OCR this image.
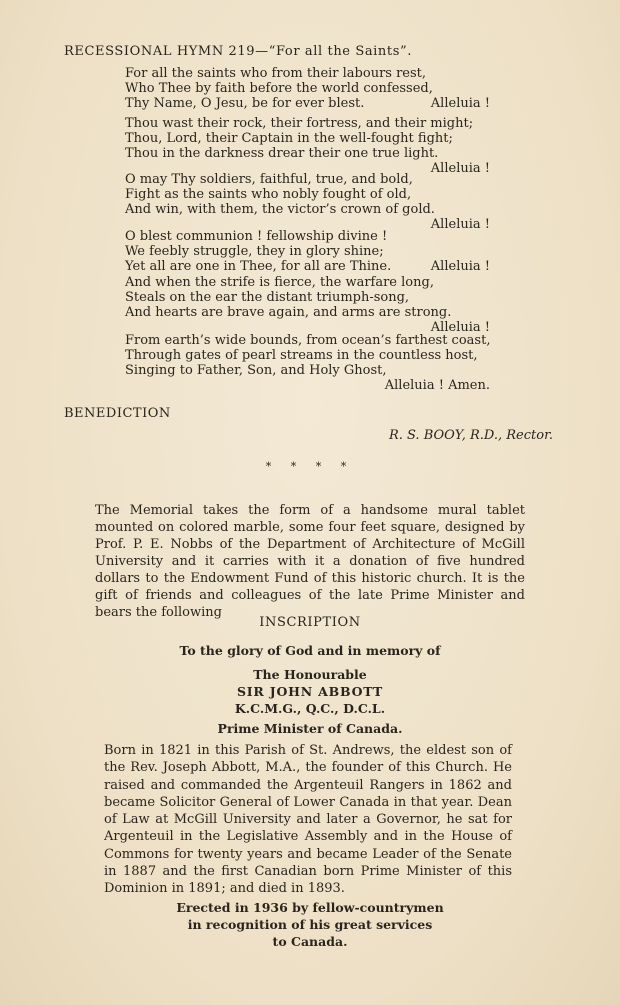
RECESSIONAL HYMN 219—“For all the Saints”.
For all the saints who from their labours rest,
Who Thee by faith before the world confessed,
Thy Name, O Jesu, be for ever blest.	Alleluia !
Thou wast their rock, their fortress, and their might;
Thou, Lord, their Captain in the well-fought fight;
Thou in the darkness drear their one true light.
Alleluia !
O may Thy soldiers, faithful, true, and bold,
Fight as the saints who nobly fought of old,
And win, with them, the victor’s crown of gold.
Alleluia !
O blest communion ! fellowship divine !
We feebly struggle, they in glory shine;
Yet all are one in Thee, for all are Thine.	Alleluia !
And when the strife is fierce, the warfare long,
Steals on the ear the distant triumph-song,
And hearts are brave again, and arms are strong.
Alleluia !
From earth’s wide bounds, from ocean’s farthest coast,
Through gates of pearl streams in the countless host,
Singing to Father, Son, and Holy Ghost,
Alleluia ! Amen.
BENEDICTION
R. S. BOOY, R.D., Rector.
* * * *

The Memorial takes the form of a handsome mural tablet mounted on colored marble, some four feet square, designed by Prof. P. E. Nobbs of the Department of Architecture of McGill University and it carries with it a donation of five hundred dollars to the Endowment Fund of this historic church. It is the gift of friends and colleagues of the late Prime Minister and bears the following

INSCRIPTION
To the glory of God and in memory of
The Honourable
SIR JOHN ABBOTT
K.C.M.G., Q.C., D.C.L.
Prime Minister of Canada.

Born in 1821 in this Parish of St. Andrews, the eldest son of the Rev. Joseph Abbott, M.A., the founder of this Church. He raised and commanded the Argenteuil Rangers in 1862 and became Solicitor General of Lower Canada in that year. Dean of Law at McGill University and later a Governor, he sat for Argenteuil in the Legislative Assembly and in the House of Commons for twenty years and became Leader of the Senate in 1887 and the first Canadian born Prime Minister of this Dominion in 1891; and died in 1893.

Erected in 1936 by fellow-countrymen
in recognition of his great services
to Canada.
